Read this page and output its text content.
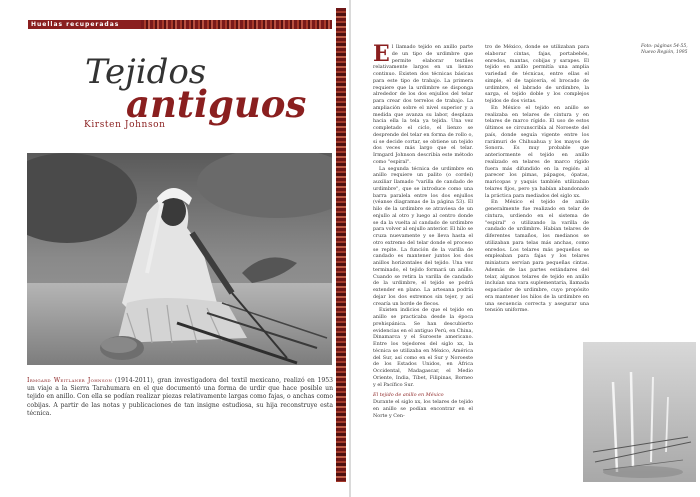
Huellas recuperadas
Tejidos
antiguos
Kirsten Johnson

Irmgard Weitlaner Johnson (1914-2011), gran investigadora del textil mexicano, realizó en 1953 un viaje a la Sierra Tarahumara en el que documentó una forma de urdir que hace posible un tejido en anillo. Con ella se podían realizar piezas relativamente largas como fajas, o anchas como cobijas. A partir de las notas y publicaciones de tan insigne estudiosa, su hija reconstruye esta técnica.

El llamado tejido en anillo parte de un tipo de urdimbre que permite elaborar textiles relativamente largos en un lienzo continuo. Existen dos técnicas básicas para este tipo de trabajo. La primera requiere que la urdimbre se disponga alrededor de los dos enjullos del telar para crear dos terrelos de trabajo. La ampliación sobre el nivel superior y a medida que avanza su labor, desplaza hacia ella la tela ya tejida. Una vez completado el ciclo, el lienzo se desprende del telar en forma de rollo o, si se decide cortar, se obtiene un tejido dos veces más largo que el telar. Irmgard Johnson describía este método como "espiral".

La segunda técnica de urdimbre en anillo requiere un palito (o cordel) auxiliar llamado "varilla de candado de urdimbre", que se introduce como una barra paralela entre los dos enjullos (véanse diagramas de la página 53). El hilo de la urdimbre se atraviesa de un enjullo al otro y luego al centro donde se da la vuelta al candado de urdimbre para volver al enjullo anterior. El hilo se cruza nuevamente y se lleva hasta el otro extremo del telar donde el proceso se repite. La función de la varilla de candado es mantener juntos los dos anillos horizontales del tejido. Una vez terminado, el tejido formará un anillo. Cuando se retira la varilla de candado de la urdimbre, el tejido se podrá extender en plano. La artesana podría dejar los dos extremos sin tejer, y así crearía un borde de flecos.

Existen indicios de que el tejido en anillo se practicaba desde la época prehispánica. Se han descubierto evidencias en el antiguo Perú, en China, Dinamarca y el Suroeste americano. Entre los tejedores del siglo xx, la técnica se utilizaba en México, América del Sur, así como en el Sur y Noroeste de los Estados Unidos, en África Occidental, Madagascar, el Medio Oriente, India, Tíbet, Filipinas, Borneo y el Pacífico Sur.

El tejido de anillo en México

Durante el siglo xx, los telares de tejido en anillo se podían encontrar en el Norte y Cen-

tro de México, donde se utilizaban para elaborar cintas, fajas, portabebés, enredos, mantas, cobijas y sarapes. El tejido en anillo permitía una amplia variedad de técnicas, entre ellas el simple, el de tapicería, el brocado de urdimbre, el labrado de urdimbre, la sarga, el tejido doble y los complejos tejidos de dos vistas.

En México el tejido en anillo se realizaba en telares de cintura y en telares de marco rígido. El uso de estos últimos se circunscribía al Noroeste del país, donde seguía vigente entre los rarámuri de Chihuahua y los mayos de Sonora. Es muy probable que anteriormente el tejido en anillo realizado en telares de marco rígido fuera más difundido en la región: al parecer los pimas, pápagos, ópatas, maricopas y yaquis también utilizaban telares fijos, pero ya habían abandonado la práctica para mediados del siglo xx.

En México el tejido de anillo generalmente fue realizado en telar de cintura, urdiendo en el sistema de "espiral" o utilizando la varilla de candado de urdimbre. Habían telares de diferentes tamaños, los medianos se utilizaban para telas más anchas, como enredos. Los telares más pequeños se empleaban para fajas y los telares miniatura servían para pequeñas cintas. Además de las partes estándares del telar, algunos telares de tejido en anillo incluían una vara suplementaria, llamada espaciador de urdimbre, cuyo propósito era mantener los hilos de la urdimbre en una secuencia correcta y asegurar una tensión uniforme.

Foto: páginas 54-55, Nuevo Región, 1995
